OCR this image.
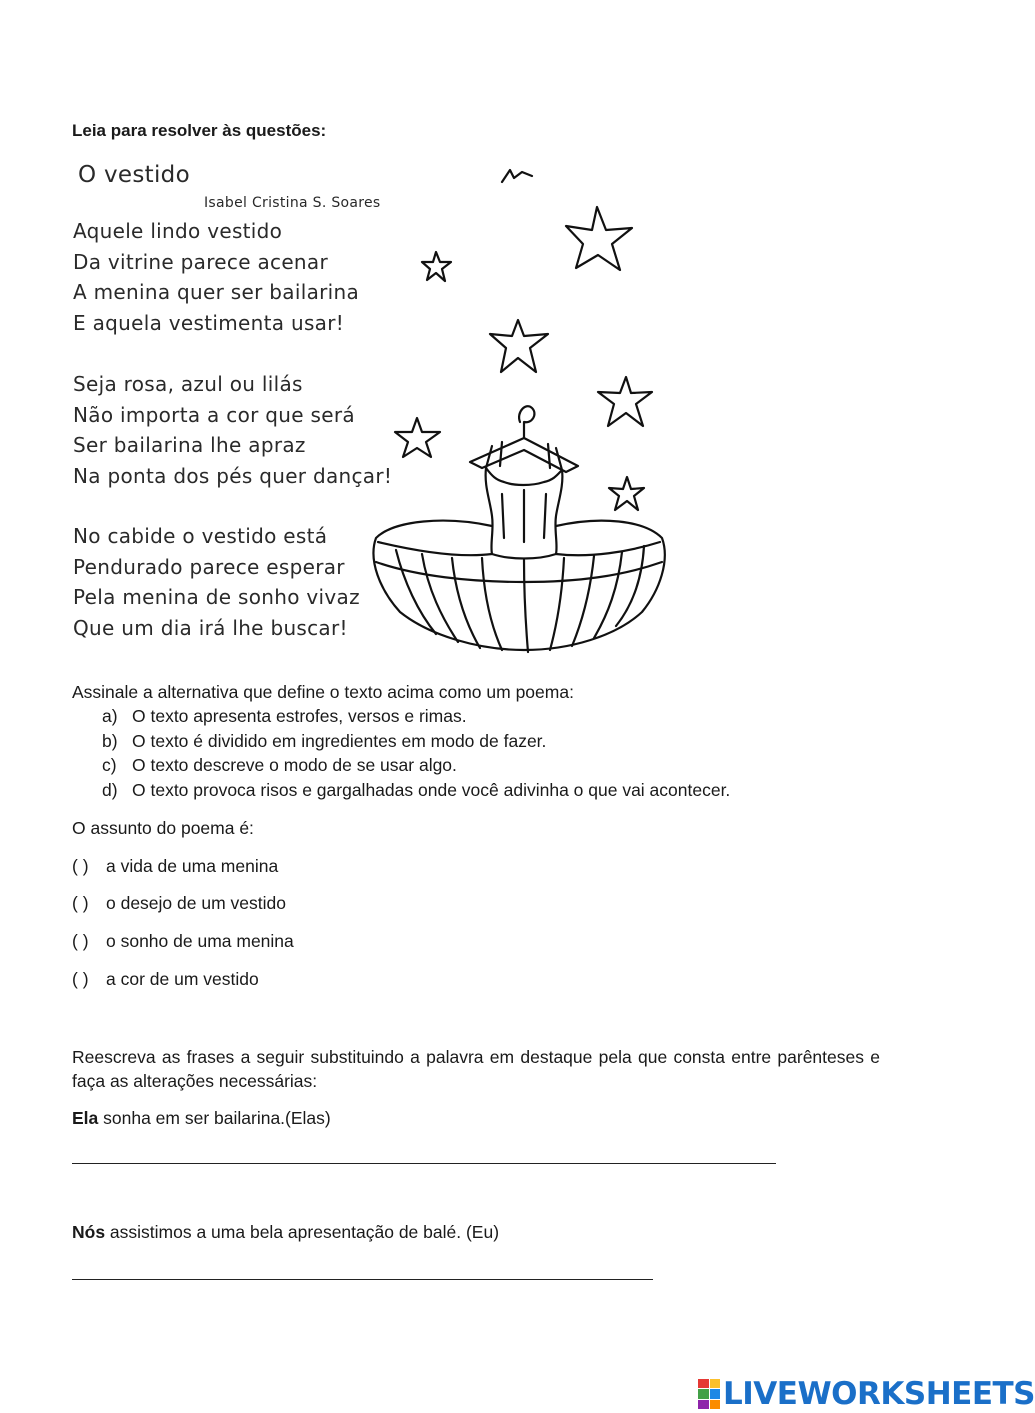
Leia para resolver às questões:
O vestido
Isabel Cristina S. Soares
Aquele lindo vestido
Da vitrine parece acenar
A menina quer ser bailarina
E aquela vestimenta usar!
Seja rosa, azul ou lilás
Não importa a cor que será
Ser bailarina lhe apraz
Na ponta dos pés quer dançar!
No cabide o vestido está
Pendurado parece esperar
Pela menina de sonho vivaz
Que um dia irá lhe buscar!
Assinale a alternativa que define o texto acima como um poema:
a) O texto apresenta estrofes, versos e rimas.
b) O texto é dividido em ingredientes em modo de fazer.
c) O texto descreve o modo de se usar algo.
d) O texto provoca risos e gargalhadas onde você adivinha o que vai acontecer.
O assunto do poema é:
( ) a vida de uma menina
( ) o desejo de um vestido
( ) o sonho de uma menina
( ) a cor de um vestido
Reescreva as frases a seguir substituindo a palavra em destaque pela que consta entre parênteses e faça as alterações necessárias:
Ela sonha em ser bailarina.(Elas)
Nós assistimos a uma bela apresentação de balé. (Eu)
LIVEWORKSHEETS
